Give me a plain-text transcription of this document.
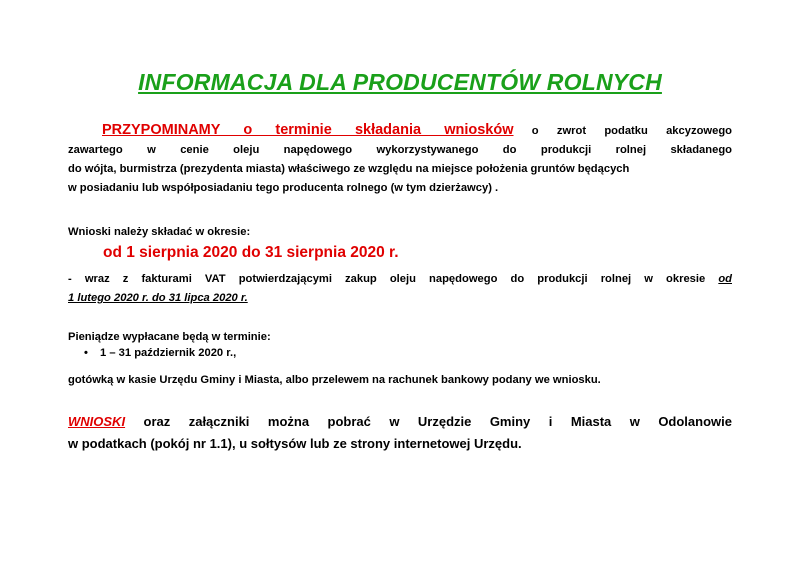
INFORMACJA DLA PRODUCENTÓW ROLNYCH
PRZYPOMINAMY o terminie składania wniosków o zwrot podatku akcyzowego
zawartego w cenie oleju napędowego wykorzystywanego do produkcji rolnej składanego
do wójta, burmistrza (prezydenta miasta) właściwego ze względu na miejsce położenia gruntów będących
w posiadaniu lub współposiadaniu tego producenta rolnego (w tym dzierżawcy) .
Wnioski należy składać w okresie:
od 1 sierpnia 2020 do 31 sierpnia 2020 r.
- wraz z fakturami VAT potwierdzającymi zakup oleju napędowego do produkcji rolnej w okresie od
1 lutego 2020 r. do 31 lipca 2020 r.
Pieniądze wypłacane będą w terminie:
• 1 – 31 październik 2020 r.,
gotówką w kasie Urzędu Gminy i Miasta, albo przelewem na rachunek bankowy podany we wniosku.
WNIOSKI oraz załączniki można pobrać w Urzędzie Gminy i Miasta w Odolanowie
w podatkach (pokój nr 1.1), u sołtysów lub ze strony internetowej Urzędu.
